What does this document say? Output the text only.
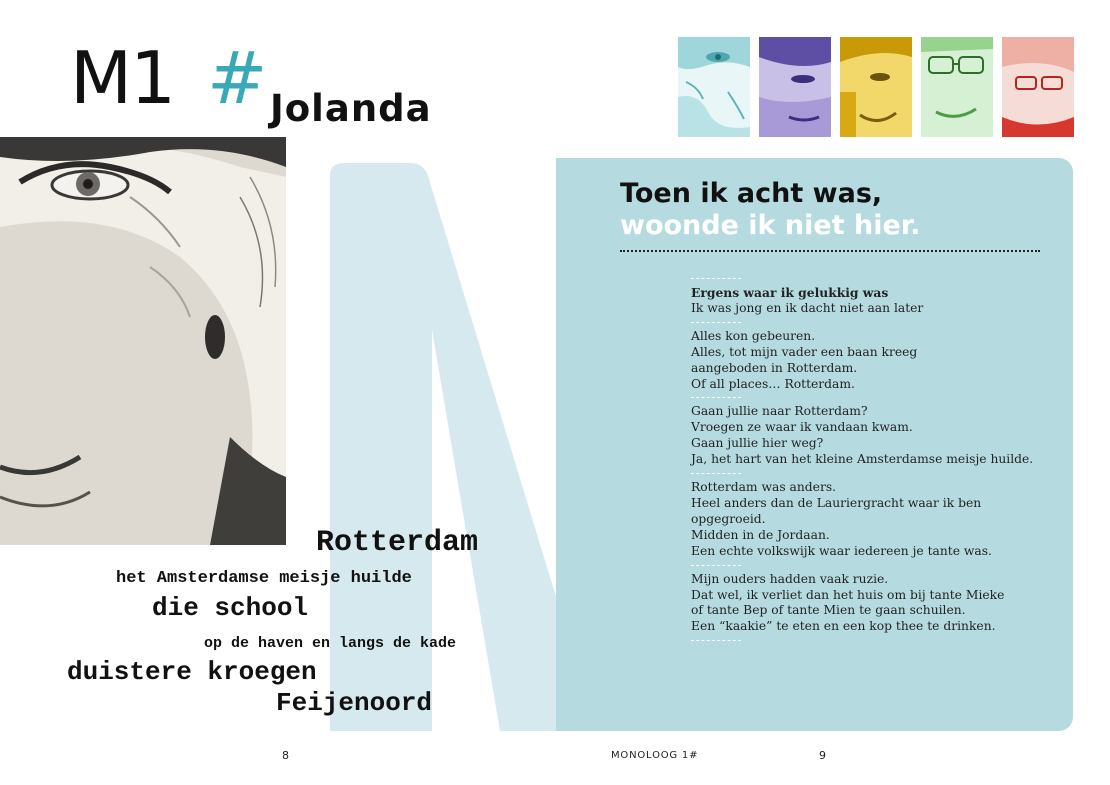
M1 # Jolanda
Toen ik acht was,
woonde ik niet hier.

Ergens waar ik gelukkig was

Ik was jong en ik dacht niet aan later

Alles kon gebeuren.

Alles, tot mijn vader een baan kreeg

aangeboden in Rotterdam.

Of all places… Rotterdam.

Gaan jullie naar Rotterdam?

Vroegen ze waar ik vandaan kwam.

Gaan jullie hier weg?

Ja, het hart van het kleine Amsterdamse meisje huilde.

Rotterdam was anders.

Heel anders dan de Lauriergracht waar ik ben opgegroeid.

Midden in de Jordaan.

Een echte volkswijk waar iedereen je tante was.

Mijn ouders hadden vaak ruzie.

Dat wel, ik verliet dan het huis om bij tante Mieke

of tante Bep of tante Mien te gaan schuilen.

Een “kaakie” te eten en een kop thee te drinken.

Rotterdam
het Amsterdamse meisje huilde
die school
op de haven en langs de kade
duistere kroegen
Feijenoord
8	MONOLOOG 1#	9
